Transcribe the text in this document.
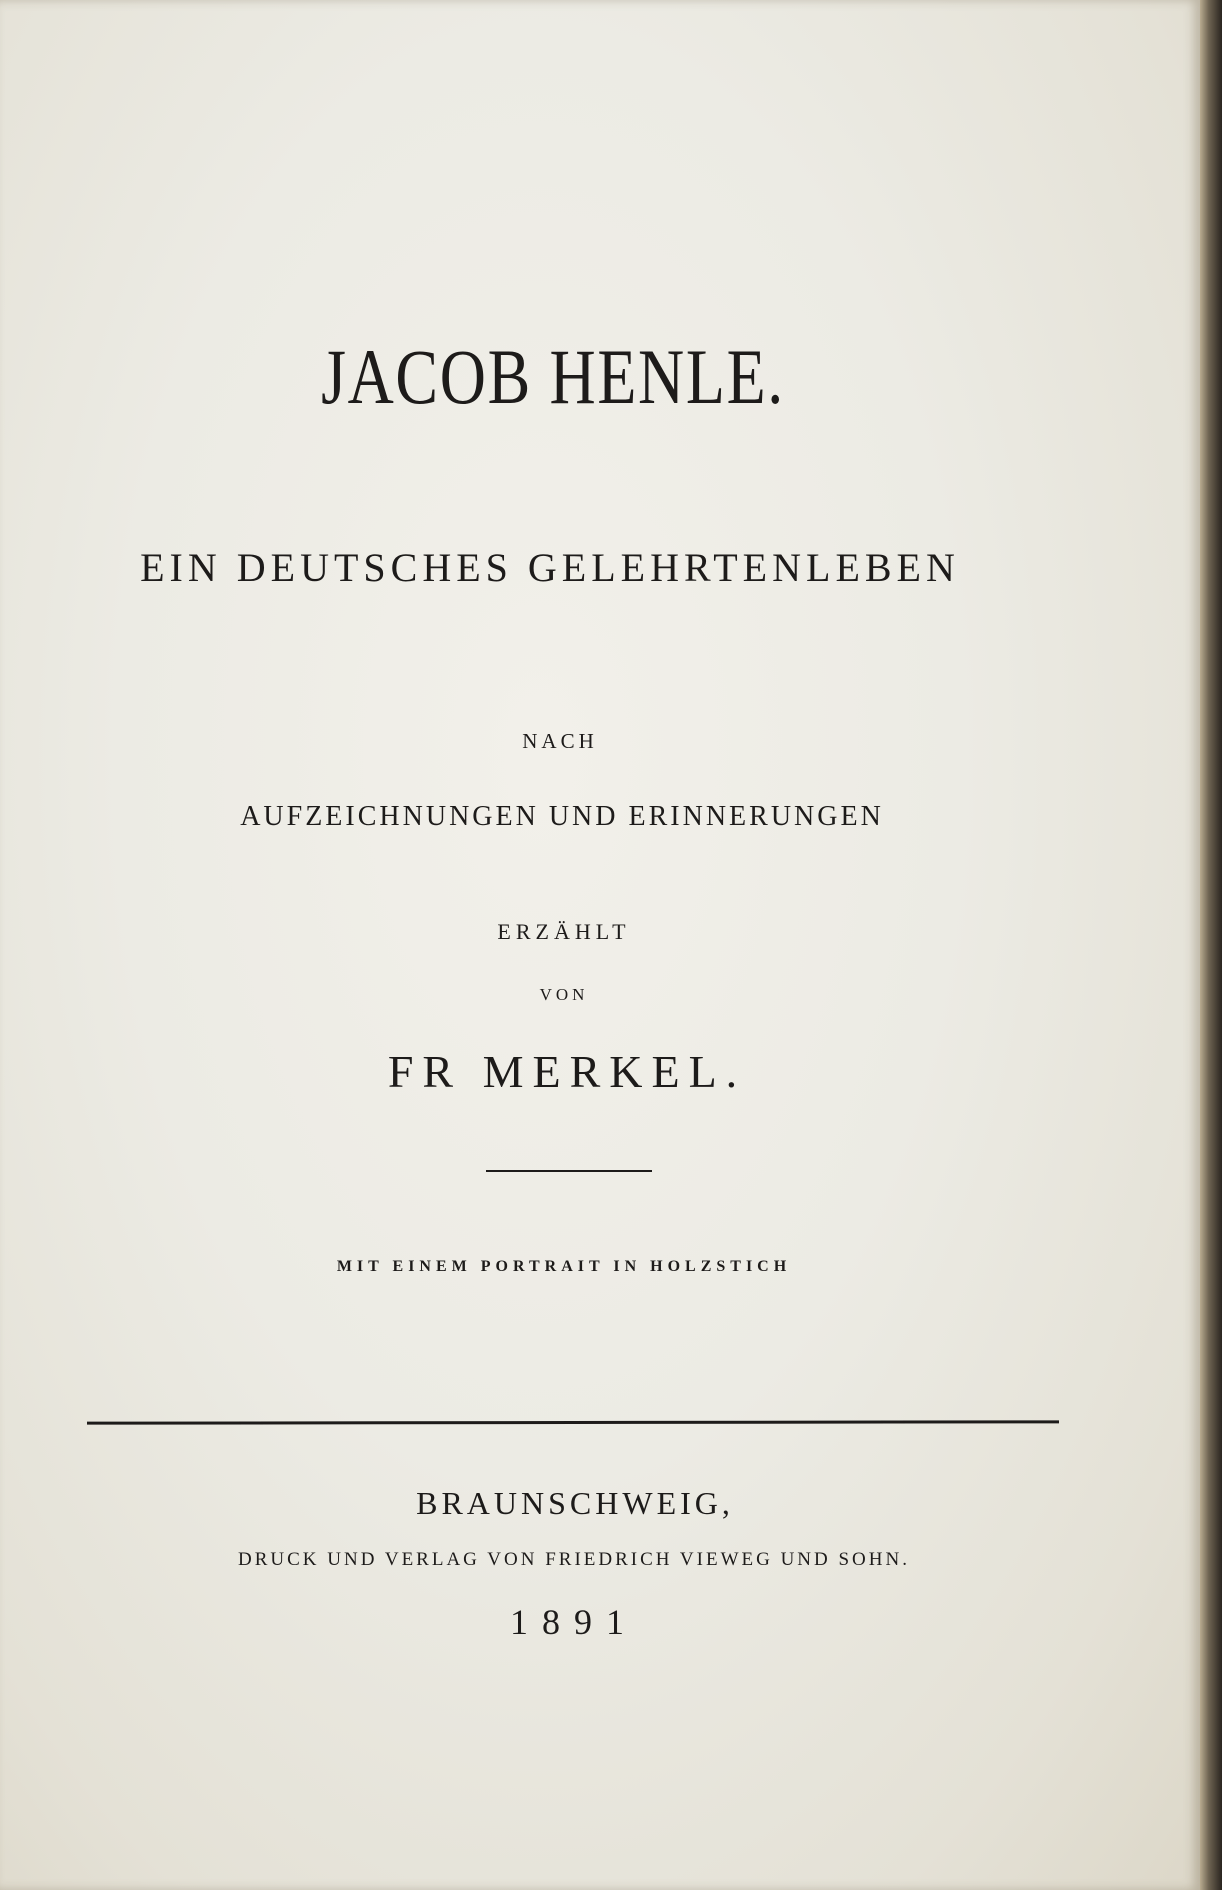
JACOB HENLE.
EIN DEUTSCHES GELEHRTENLEBEN
NACH
AUFZEICHNUNGEN UND ERINNERUNGEN
ERZÄHLT
VON
FR MERKEL.
MIT EINEM PORTRAIT IN HOLZSTICH
BRAUNSCHWEIG,
DRUCK UND VERLAG VON FRIEDRICH VIEWEG UND SOHN.
1891
